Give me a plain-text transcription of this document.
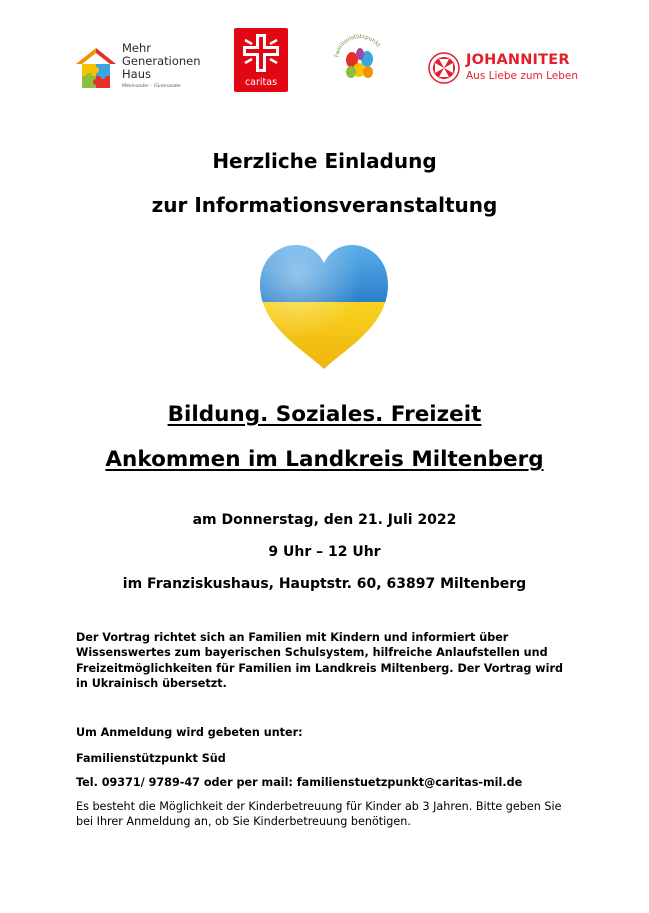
Mehr
Generationen
Haus
Miteinander – Füreinander	caritas
Familienstützpunkt
JOHANNITER
Aus Liebe zum Leben
Herzliche Einladung
zur Informationsveranstaltung
Bildung. Soziales. Freizeit
Ankommen im Landkreis Miltenberg
am Donnerstag, den 21. Juli 2022
9 Uhr – 12 Uhr
im Franziskushaus, Hauptstr. 60, 63897 Miltenberg
Der Vortrag richtet sich an Familien mit Kindern und informiert über Wissenswertes zum bayerischen Schulsystem, hilfreiche Anlaufstellen und Freizeitmöglichkeiten für Familien im Landkreis Miltenberg. Der Vortrag wird in Ukrainisch übersetzt.
Um Anmeldung wird gebeten unter:
Familienstützpunkt Süd
Tel. 09371/ 9789-47 oder per mail: familienstuetzpunkt@caritas-mil.de
Es besteht die Möglichkeit der Kinderbetreuung für Kinder ab 3 Jahren. Bitte geben Sie bei Ihrer Anmeldung an, ob Sie Kinderbetreuung benötigen.
